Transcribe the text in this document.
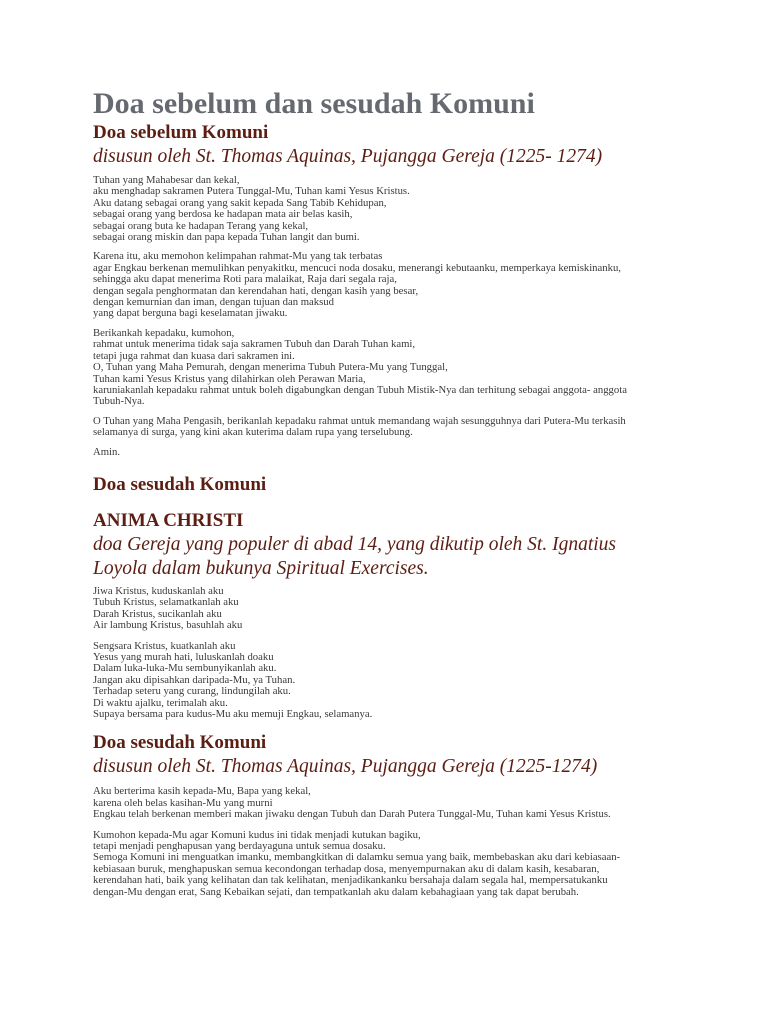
Doa sebelum dan sesudah Komuni
Doa sebelum Komuni
disusun oleh St. Thomas Aquinas, Pujangga Gereja (1225- 1274)
Tuhan yang Mahabesar dan kekal,
aku menghadap sakramen Putera Tunggal-Mu, Tuhan kami Yesus Kristus.
Aku datang sebagai orang yang sakit kepada Sang Tabib Kehidupan,
sebagai orang yang berdosa ke hadapan mata air belas kasih,
sebagai orang buta ke hadapan Terang yang kekal,
sebagai orang miskin dan papa kepada Tuhan langit dan bumi.
Karena itu, aku memohon kelimpahan rahmat-Mu yang tak terbatas
agar Engkau berkenan memulihkan penyakitku, mencuci noda dosaku, menerangi kebutaanku, memperkaya kemiskinanku,
sehingga aku dapat menerima Roti para malaikat, Raja dari segala raja,
dengan segala penghormatan dan kerendahan hati, dengan kasih yang besar,
dengan kemurnian dan iman, dengan tujuan dan maksud
yang dapat berguna bagi keselamatan jiwaku.
Berikankah kepadaku, kumohon,
rahmat untuk menerima tidak saja sakramen Tubuh dan Darah Tuhan kami,
tetapi juga rahmat dan kuasa dari sakramen ini.
O, Tuhan yang Maha Pemurah, dengan menerima Tubuh Putera-Mu yang Tunggal,
Tuhan kami Yesus Kristus yang dilahirkan oleh Perawan Maria,
karuniakanlah kepadaku rahmat untuk boleh digabungkan dengan Tubuh Mistik-Nya dan terhitung sebagai anggota- anggota
Tubuh-Nya.
O Tuhan yang Maha Pengasih, berikanlah kepadaku rahmat untuk memandang wajah sesungguhnya dari Putera-Mu terkasih
selamanya di surga, yang kini akan kuterima dalam rupa yang terselubung.
Amin.
Doa sesudah Komuni
ANIMA CHRISTI
doa Gereja yang populer di abad 14, yang dikutip oleh St. Ignatius
Loyola dalam bukunya Spiritual Exercises.
Jiwa Kristus, kuduskanlah aku
Tubuh Kristus, selamatkanlah aku
Darah Kristus, sucikanlah aku
Air lambung Kristus, basuhlah aku
Sengsara Kristus, kuatkanlah aku
Yesus yang murah hati, luluskanlah doaku
Dalam luka-luka-Mu sembunyikanlah aku.
Jangan aku dipisahkan daripada-Mu, ya Tuhan.
Terhadap seteru yang curang, lindungilah aku.
Di waktu ajalku, terimalah aku.
Supaya bersama para kudus-Mu aku memuji Engkau, selamanya.
Doa sesudah Komuni
disusun oleh St. Thomas Aquinas, Pujangga Gereja (1225-1274)
Aku berterima kasih kepada-Mu, Bapa yang kekal,
karena oleh belas kasihan-Mu yang murni
Engkau telah berkenan memberi makan jiwaku dengan Tubuh dan Darah Putera Tunggal-Mu, Tuhan kami Yesus Kristus.
Kumohon kepada-Mu agar Komuni kudus ini tidak menjadi kutukan bagiku,
tetapi menjadi penghapusan yang berdayaguna untuk semua dosaku.
Semoga Komuni ini menguatkan imanku, membangkitkan di dalamku semua yang baik, membebaskan aku dari kebiasaan-
kebiasaan buruk, menghapuskan semua kecondongan terhadap dosa, menyempurnakan aku di dalam kasih, kesabaran,
kerendahan hati, baik yang kelihatan dan tak kelihatan, menjadikankanku bersahaja dalam segala hal, mempersatukanku
dengan-Mu dengan erat, Sang Kebaikan sejati, dan tempatkanlah aku dalam kebahagiaan yang tak dapat berubah.
